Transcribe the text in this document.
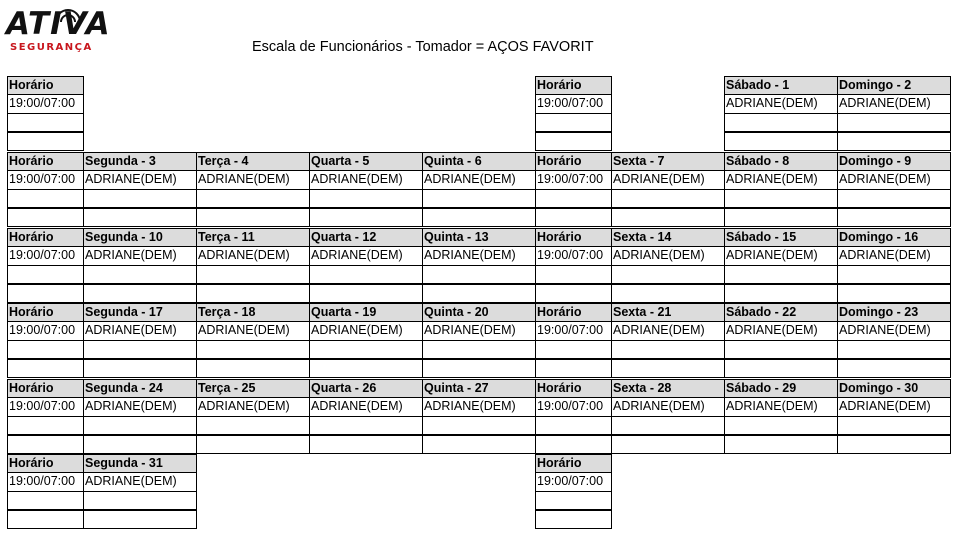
ATIVA
SEGURANÇA	Escala de Funcionários - Tomador = AÇOS FAVORIT
Horário
19:00/07:00
Horário
19:00/07:00
Sábado - 1
ADRIANE(DEM)
Domingo - 2
ADRIANE(DEM)
Horário
19:00/07:00
Segunda - 3
ADRIANE(DEM)
Terça - 4
ADRIANE(DEM)
Quarta - 5
ADRIANE(DEM)
Quinta - 6
ADRIANE(DEM)
Horário
19:00/07:00
Sexta - 7
ADRIANE(DEM)
Sábado - 8
ADRIANE(DEM)
Domingo - 9
ADRIANE(DEM)
Horário
19:00/07:00
Segunda - 10
ADRIANE(DEM)
Terça - 11
ADRIANE(DEM)
Quarta - 12
ADRIANE(DEM)
Quinta - 13
ADRIANE(DEM)
Horário
19:00/07:00
Sexta - 14
ADRIANE(DEM)
Sábado - 15
ADRIANE(DEM)
Domingo - 16
ADRIANE(DEM)
Horário
19:00/07:00
Segunda - 17
ADRIANE(DEM)
Terça - 18
ADRIANE(DEM)
Quarta - 19
ADRIANE(DEM)
Quinta - 20
ADRIANE(DEM)
Horário
19:00/07:00
Sexta - 21
ADRIANE(DEM)
Sábado - 22
ADRIANE(DEM)
Domingo - 23
ADRIANE(DEM)
Horário
19:00/07:00
Segunda - 24
ADRIANE(DEM)
Terça - 25
ADRIANE(DEM)
Quarta - 26
ADRIANE(DEM)
Quinta - 27
ADRIANE(DEM)
Horário
19:00/07:00
Sexta - 28
ADRIANE(DEM)
Sábado - 29
ADRIANE(DEM)
Domingo - 30
ADRIANE(DEM)
Horário
19:00/07:00
Segunda - 31
ADRIANE(DEM)
Horário
19:00/07:00
